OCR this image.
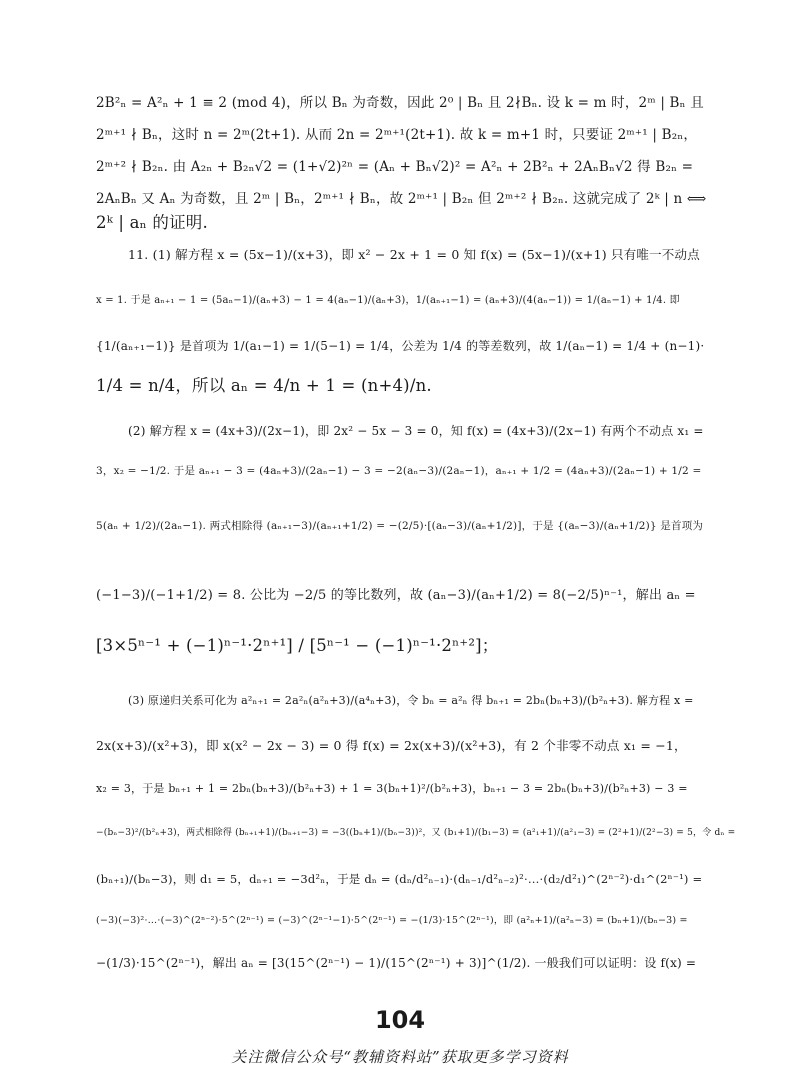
2B²ₙ = A²ₙ + 1 ≡ 2 (mod 4)，所以 Bₙ 为奇数，因此 2⁰ | Bₙ 且 2∤Bₙ. 设 k = m 时，2ᵐ | Bₙ 且
2ᵐ⁺¹ ∤ Bₙ，这时 n = 2ᵐ(2t+1). 从而 2n = 2ᵐ⁺¹(2t+1). 故 k = m+1 时，只要证 2ᵐ⁺¹ | B₂ₙ，
2ᵐ⁺² ∤ B₂ₙ. 由 A₂ₙ + B₂ₙ√2 = (1+√2)²ⁿ = (Aₙ + Bₙ√2)² = A²ₙ + 2B²ₙ + 2AₙBₙ√2 得 B₂ₙ =
2AₙBₙ 又 Aₙ 为奇数，且 2ᵐ | Bₙ，2ᵐ⁺¹ ∤ Bₙ，故 2ᵐ⁺¹ | B₂ₙ 但 2ᵐ⁺² ∤ B₂ₙ. 这就完成了 2ᵏ | n ⟺
2ᵏ | aₙ 的证明.
11. (1) 解方程 x = (5x−1)/(x+3)，即 x² − 2x + 1 = 0 知 f(x) = (5x−1)/(x+1) 只有唯一不动点
x = 1. 于是 aₙ₊₁ − 1 = (5aₙ−1)/(aₙ+3) − 1 = 4(aₙ−1)/(aₙ+3)，1/(aₙ₊₁−1) = (aₙ+3)/(4(aₙ−1)) = 1/(aₙ−1) + 1/4. 即
{1/(aₙ₊₁−1)} 是首项为 1/(a₁−1) = 1/(5−1) = 1/4，公差为 1/4 的等差数列，故 1/(aₙ−1) = 1/4 + (n−1)·
1/4 = n/4，所以 aₙ = 4/n + 1 = (n+4)/n.
(2) 解方程 x = (4x+3)/(2x−1)，即 2x² − 5x − 3 = 0，知 f(x) = (4x+3)/(2x−1) 有两个不动点 x₁ =
3，x₂ = −1/2. 于是 aₙ₊₁ − 3 = (4aₙ+3)/(2aₙ−1) − 3 = −2(aₙ−3)/(2aₙ−1)，aₙ₊₁ + 1/2 = (4aₙ+3)/(2aₙ−1) + 1/2 =
5(aₙ + 1/2)/(2aₙ−1). 两式相除得 (aₙ₊₁−3)/(aₙ₊₁+1/2) = −(2/5)·[(aₙ−3)/(aₙ+1/2)]，于是 {(aₙ−3)/(aₙ+1/2)} 是首项为
(−1−3)/(−1+1/2) = 8. 公比为 −2/5 的等比数列，故 (aₙ−3)/(aₙ+1/2) = 8(−2/5)ⁿ⁻¹，解出 aₙ =
[3×5ⁿ⁻¹ + (−1)ⁿ⁻¹·2ⁿ⁺¹] / [5ⁿ⁻¹ − (−1)ⁿ⁻¹·2ⁿ⁺²]；
(3) 原递归关系可化为 a²ₙ₊₁ = 2a²ₙ(a²ₙ+3)/(a⁴ₙ+3)，令 bₙ = a²ₙ 得 bₙ₊₁ = 2bₙ(bₙ+3)/(b²ₙ+3). 解方程 x =
2x(x+3)/(x²+3)，即 x(x² − 2x − 3) = 0 得 f(x) = 2x(x+3)/(x²+3)，有 2 个非零不动点 x₁ = −1，
x₂ = 3，于是 bₙ₊₁ + 1 = 2bₙ(bₙ+3)/(b²ₙ+3) + 1 = 3(bₙ+1)²/(b²ₙ+3)，bₙ₊₁ − 3 = 2bₙ(bₙ+3)/(b²ₙ+3) − 3 =
−(bₙ−3)²/(b²ₙ+3)，两式相除得 (bₙ₊₁+1)/(bₙ₊₁−3) = −3((bₙ+1)/(bₙ−3))²，又 (b₁+1)/(b₁−3) = (a²₁+1)/(a²₁−3) = (2²+1)/(2²−3) = 5，令 dₙ =
(bₙ₊₁)/(bₙ−3)，则 d₁ = 5，dₙ₊₁ = −3d²ₙ，于是 dₙ = (dₙ/d²ₙ₋₁)·(dₙ₋₁/d²ₙ₋₂)²·…·(d₂/d²₁)^(2ⁿ⁻²)·d₁^(2ⁿ⁻¹) =
(−3)(−3)²·…·(−3)^(2ⁿ⁻²)·5^(2ⁿ⁻¹) = (−3)^(2ⁿ⁻¹−1)·5^(2ⁿ⁻¹) = −(1/3)·15^(2ⁿ⁻¹)，即 (a²ₙ+1)/(a²ₙ−3) = (bₙ+1)/(bₙ−3) =
−(1/3)·15^(2ⁿ⁻¹)，解出 aₙ = [3(15^(2ⁿ⁻¹) − 1)/(15^(2ⁿ⁻¹) + 3)]^(1/2). 一般我们可以证明：设 f(x) =
104
关注微信公众号“教辅资料站”获取更多学习资料
